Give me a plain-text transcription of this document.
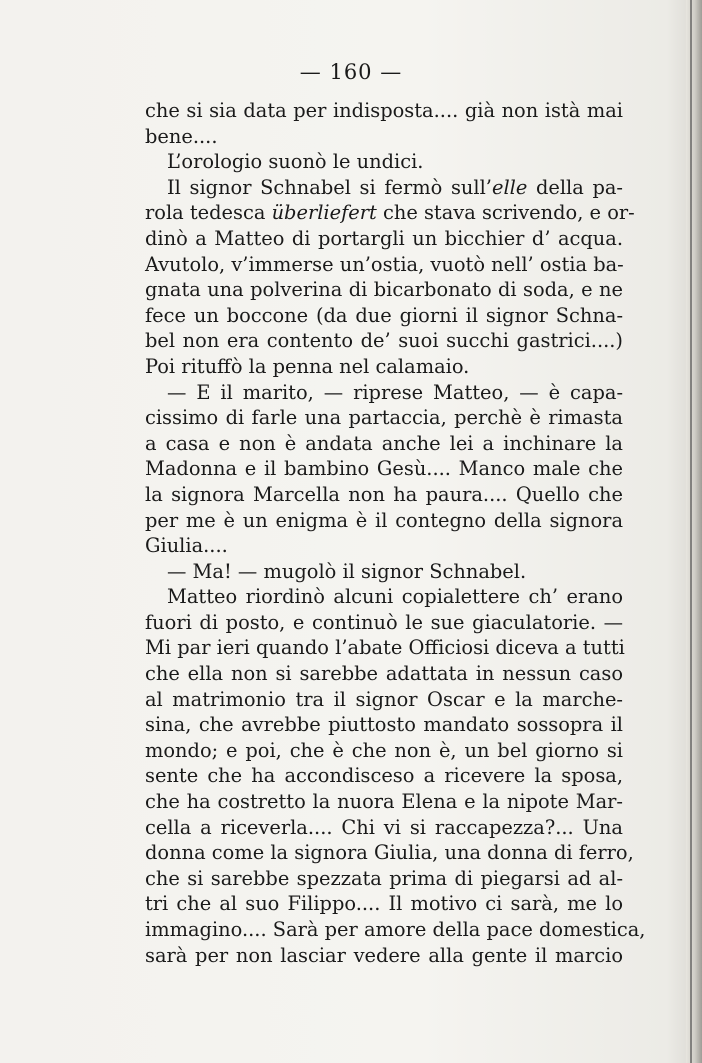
— 160 —
che si sia data per indisposta.... già non istà mai
bene....
L’orologio suonò le undici.
Il signor Schnabel si fermò sull’elle della pa-
rola tedesca überliefert che stava scrivendo, e or-
dinò a Matteo di portargli un bicchier d’ acqua.
Avutolo, v’immerse un’ostia, vuotò nell’ ostia ba-
gnata una polverina di bicarbonato di soda, e ne
fece un boccone (da due giorni il signor Schna-
bel non era contento de’ suoi succhi gastrici....)
Poi rituffò la penna nel calamaio.
— E il marito, — riprese Matteo, — è capa-
cissimo di farle una partaccia, perchè è rimasta
a casa e non è andata anche lei a inchinare la
Madonna e il bambino Gesù.... Manco male che
la signora Marcella non ha paura.... Quello che
per me è un enigma è il contegno della signora
Giulia....
— Ma! — mugolò il signor Schnabel.
Matteo riordinò alcuni copialettere ch’ erano
fuori di posto, e continuò le sue giaculatorie. —
Mi par ieri quando l’abate Officiosi diceva a tutti
che ella non si sarebbe adattata in nessun caso
al matrimonio tra il signor Oscar e la marche-
sina, che avrebbe piuttosto mandato sossopra il
mondo; e poi, che è che non è, un bel giorno si
sente che ha accondisceso a ricevere la sposa,
che ha costretto la nuora Elena e la nipote Mar-
cella a riceverla.... Chi vi si raccapezza?... Una
donna come la signora Giulia, una donna di ferro,
che si sarebbe spezzata prima di piegarsi ad al-
tri che al suo Filippo.... Il motivo ci sarà, me lo
immagino.... Sarà per amore della pace domestica,
sarà per non lasciar vedere alla gente il marcio
